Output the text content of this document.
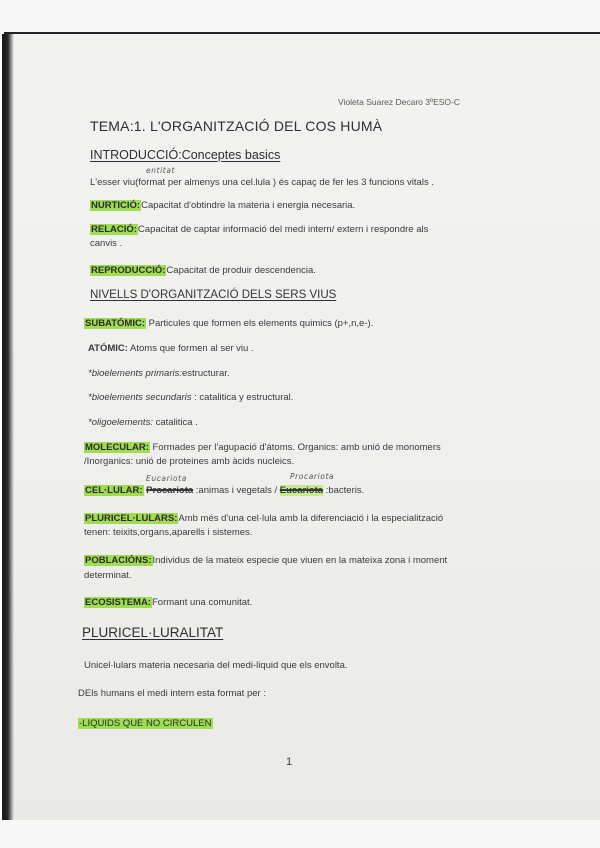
Violeta Suarez Decaro 3ºESO-C
TEMA:1. L'ORGANITZACIÓ DEL COS HUMÀ
INTRODUCCIÓ:Conceptes basics
entitat
L'esser viu(format per almenys una cel.lula ) és capaç de fer les 3 funcions vitals .
NURTICIÓ:Capacitat d'obtindre la materia i energia necesaria.
RELACIÓ:Capacitat de captar informació del medi intern/ extern i respondre als
canvis .
REPRODUCCIÓ:Capacitat de produir descendencia.
NIVELLS D'ORGANITZACIÓ DELS SERS VIUS
SUBATÓMIC: Particules que formen els elements quimics (p+,n,e-).
ATÓMIC: Atoms que formen al ser viu .
*bioelements primaris:estructurar.
*bioelements secundaris : catalitica y estructural.
*oligoelements: catalitica .
MOLECULAR: Formades per l'agupació d'átoms. Organics: amb unió de monomers
/Inorganics: unió de proteines amb àcids nucleics.
Eucariota	Procariota
CEL·LULAR: Procariota :animas i vegetals / Eucariota :bacteris.
PLURICEL·LULARS:Amb més d'una cel·lula amb la diferenciació i la especialització
tenen: teixits,organs,aparells i sistemes.
POBLACIÓNS:Individus de la mateix especie que viuen en la mateixa zona i moment
determinat.
ECOSISTEMA:Formant una comunitat.
PLURICEL·LURALITAT
Unicel·lulars materia necesaria del medi-liquid que els envolta.
DEls humans el medi intern esta format per :
-LIQUIDS QUE NO CIRCULEN
1
